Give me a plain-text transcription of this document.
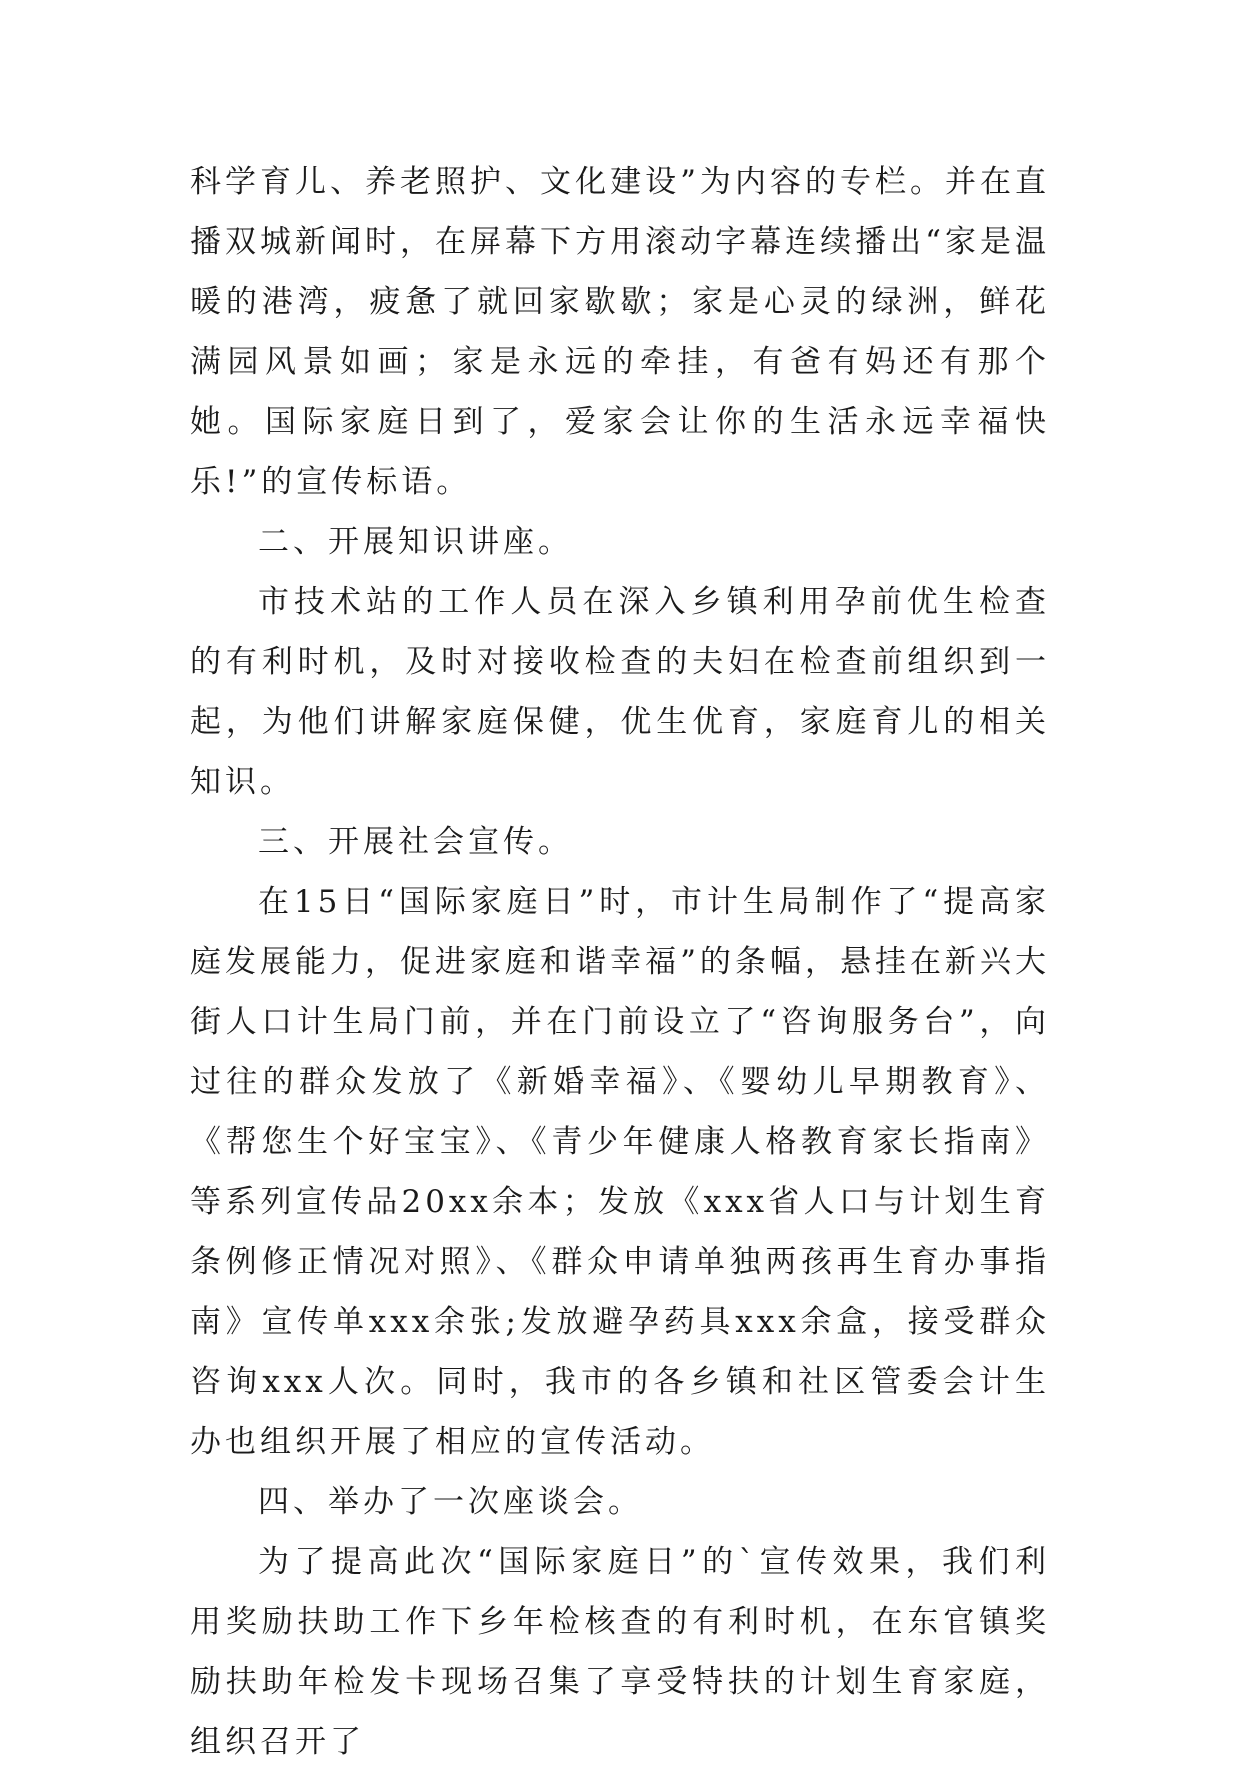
科学育儿、养老照护、文化建设”为内容的专栏。并在直播双城新闻时，在屏幕下方用滚动字幕连续播出“家是温暖的港湾，疲惫了就回家歇歇；家是心灵的绿洲，鲜花满园风景如画；家是永远的牵挂，有爸有妈还有那个她。国际家庭日到了，爱家会让你的生活永远幸福快乐!”的宣传标语。

二、开展知识讲座。

市技术站的工作人员在深入乡镇利用孕前优生检查的有利时机，及时对接收检查的夫妇在检查前组织到一起，为他们讲解家庭保健，优生优育，家庭育儿的相关知识。

三、开展社会宣传。

在15日“国际家庭日”时，市计生局制作了“提高家庭发展能力，促进家庭和谐幸福”的条幅，悬挂在新兴大街人口计生局门前，并在门前设立了“咨询服务台”，向过往的群众发放了《新婚幸福》、《婴幼儿早期教育》、《帮您生个好宝宝》、《青少年健康人格教育家长指南》等系列宣传品20xx余本；发放《xxx省人口与计划生育条例修正情况对照》、《群众申请单独两孩再生育办事指南》宣传单xxx余张;发放避孕药具xxx余盒，接受群众咨询xxx人次。同时，我市的各乡镇和社区管委会计生办也组织开展了相应的宣传活动。

四、举办了一次座谈会。

为了提高此次“国际家庭日”的`宣传效果，我们利用奖励扶助工作下乡年检核查的有利时机，在东官镇奖励扶助年检发卡现场召集了享受特扶的计划生育家庭，组织召开了
